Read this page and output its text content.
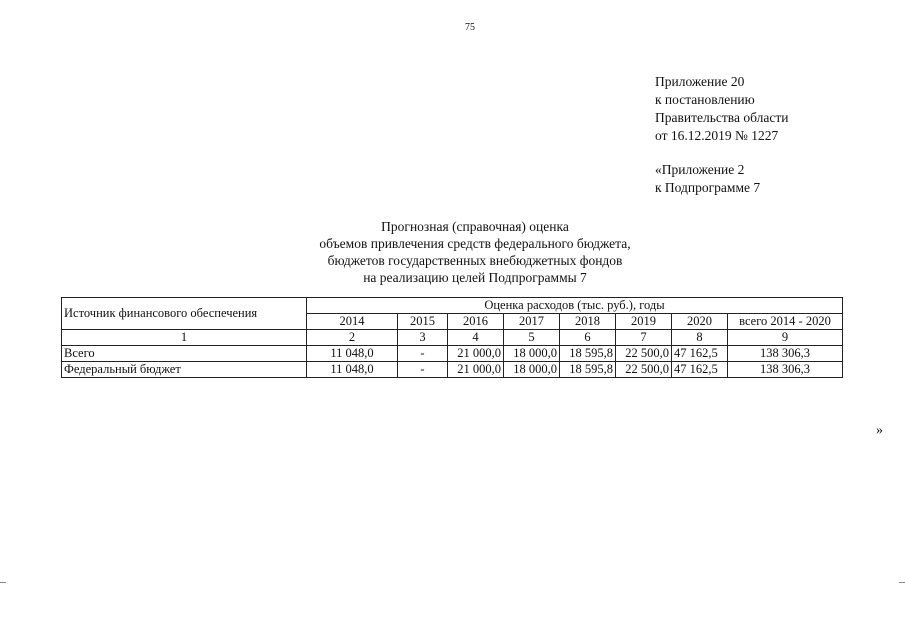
75
Приложение 20
к постановлению
Правительства области
от 16.12.2019 № 1227
«Приложение 2
к Подпрограмме 7
Прогнозная (справочная) оценка
объемов привлечения средств федерального бюджета,
бюджетов государственных внебюджетных фондов
на реализацию целей Подпрограммы 7
Источник финансового обеспечения	Оценка расходов (тыс. руб.), годы							
	2014	2015	2016	2017	2018	2019	2020	всего 2014 - 2020
1	2	3	4	5	6	7	8	9
Всего	11 048,0	-	21 000,0	18 000,0	18 595,8	22 500,0	47 162,5	138 306,3
Федеральный бюджет	11 048,0	-	21 000,0	18 000,0	18 595,8	22 500,0	47 162,5	138 306,3
»
